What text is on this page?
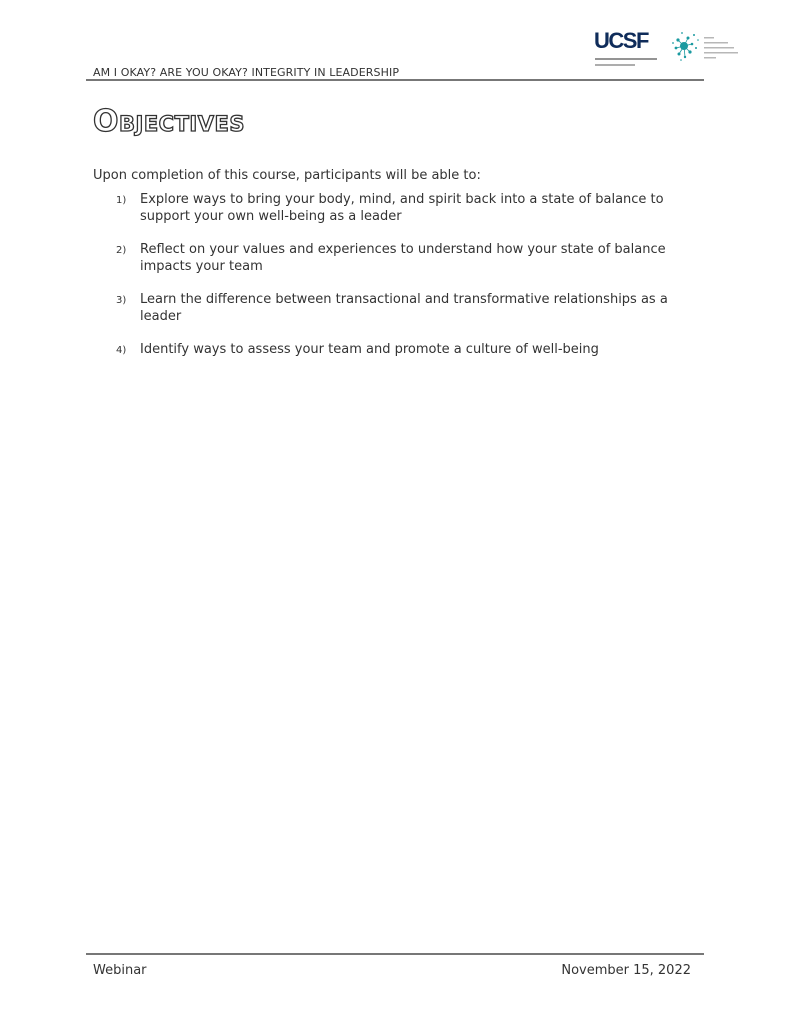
AM I OKAY? ARE YOU OKAY? INTEGRITY IN LEADERSHIP
UCSF
Objectives
Upon completion of this course, participants will be able to:
1) Explore ways to bring your body, mind, and spirit back into a state of balance to support your own well-being as a leader
2) Reflect on your values and experiences to understand how your state of balance impacts your team
3) Learn the difference between transactional and transformative relationships as a leader
4) Identify ways to assess your team and promote a culture of well-being
Webinar	November 15, 2022
